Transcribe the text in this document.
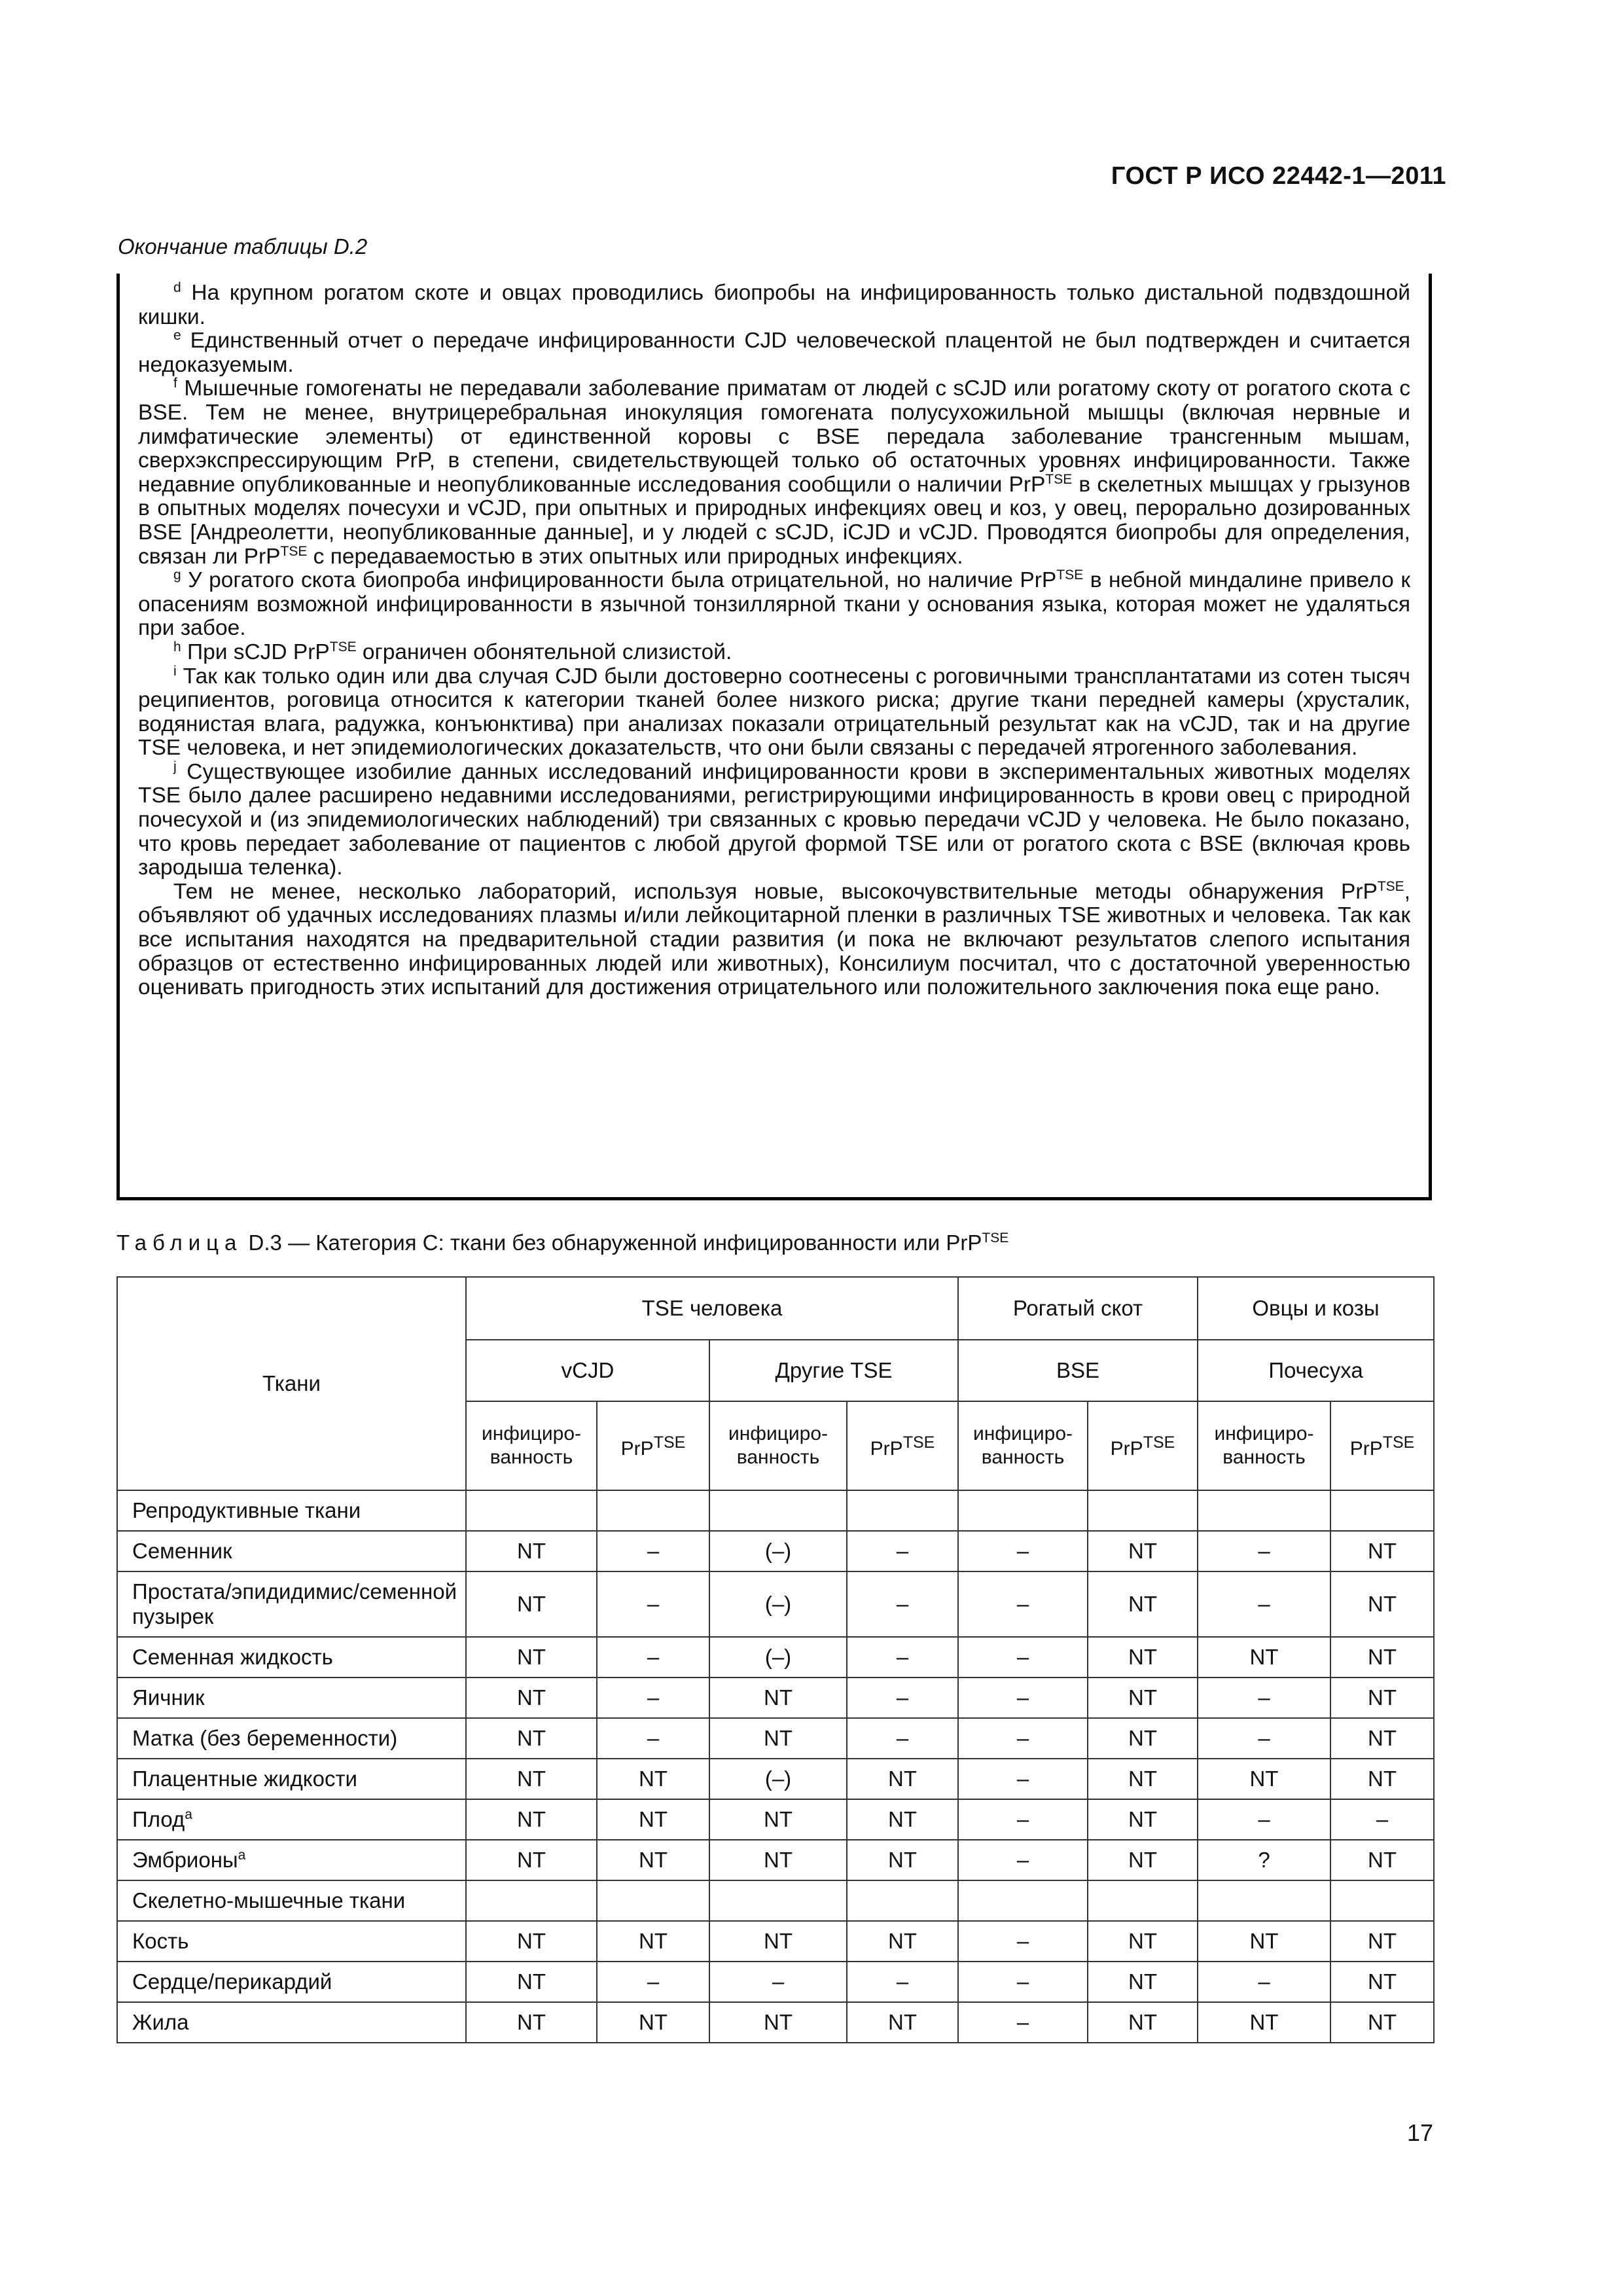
ГОСТ Р ИСО 22442-1—2011
Окончание таблицы D.2

$^d$ На крупном рогатом скоте и овцах проводились биопробы на инфицированность только дистальной подвздошной кишки.

$^e$ Единственный отчет о передаче инфицированности CJD человеческой плацентой не был подтвержден и считается недоказуемым.

$^f$ Мышечные гомогенаты не передавали заболевание приматам от людей с sCJD или рогатому скоту от рогатого скота с BSE. Тем не менее, внутрицеребральная инокуляция гомогената полусухожильной мышцы (включая нервные и лимфатические элементы) от единственной коровы с BSE передала заболевание трансгенным мышам, сверхэкспрессирующим PrP, в степени, свидетельствующей только об остаточных уровнях инфицированности. Также недавние опубликованные и неопубликованные исследования сообщили о наличии PrP$^{TSE}$ в скелетных мышцах у грызунов в опытных моделях почесухи и vCJD, при опытных и природных инфекциях овец и коз, у овец, перорально дозированных BSE [Андреолетти, неопубликованные данные], и у людей с sCJD, iCJD и vCJD. Проводятся биопробы для определения, связан ли PrP$^{TSE}$ с передаваемостью в этих опытных или природных инфекциях.

$^g$ У рогатого скота биопроба инфицированности была отрицательной, но наличие PrP$^{TSE}$ в небной миндалине привело к опасениям возможной инфицированности в язычной тонзиллярной ткани у основания языка, которая может не удаляться при забое.

$^h$ При sCJD PrP$^{TSE}$ ограничен обонятельной слизистой.

$^i$ Так как только один или два случая CJD были достоверно соотнесены с роговичными трансплантатами из сотен тысяч реципиентов, роговица относится к категории тканей более низкого риска; другие ткани передней камеры (хрусталик, водянистая влага, радужка, конъюнктива) при анализах показали отрицательный результат как на vCJD, так и на другие TSE человека, и нет эпидемиологических доказательств, что они были связаны с передачей ятрогенного заболевания.

$^j$ Существующее изобилие данных исследований инфицированности крови в экспериментальных животных моделях TSE было далее расширено недавними исследованиями, регистрирующими инфицированность в крови овец с природной почесухой и (из эпидемиологических наблюдений) три связанных с кровью передачи vCJD у человека. Не было показано, что кровь передает заболевание от пациентов с любой другой формой TSE или от рогатого скота с BSE (включая кровь зародыша теленка).

Тем не менее, несколько лабораторий, используя новые, высокочувствительные методы обнаружения PrP$^{TSE}$, объявляют об удачных исследованиях плазмы и/или лейкоцитарной пленки в различных TSE животных и человека. Так как все испытания находятся на предварительной стадии развития (и пока не включают результатов слепого испытания образцов от естественно инфицированных людей или животных), Консилиум посчитал, что с достаточной уверенностью оценивать пригодность этих испытаний для достижения отрицательного или положительного заключения пока еще рано.

Таблица D.3 — Категория С: ткани без обнаруженной инфицированности или PrP$^{TSE}$
Ткани	TSE человека				Рогатый скот		Овцы и козы	
	vCJD		Другие TSE		BSE		Почесуха	
	инфициро-ванность	PrP$^{TSE}$	инфициро-ванность	PrP$^{TSE}$	инфициро-ванность	PrP$^{TSE}$	инфициро-ванность	PrP$^{TSE}$
Репродуктивные ткани								
Семенник	NT	–	(–)	–	–	NT	–	NT
Простата/эпидидимис/семенной пузырек	NT	–	(–)	–	–	NT	–	NT
Семенная жидкость	NT	–	(–)	–	–	NT	NT	NT
Яичник	NT	–	NT	–	–	NT	–	NT
Матка (без беременности)	NT	–	NT	–	–	NT	–	NT
Плацентные жидкости	NT	NT	(–)	NT	–	NT	NT	NT
Плод$^a$	NT	NT	NT	NT	–	NT	–	–
Эмбрионы$^a$	NT	NT	NT	NT	–	NT	?	NT
Скелетно-мышечные ткани								
Кость	NT	NT	NT	NT	–	NT	NT	NT
Сердце/перикардий	NT	–	–	–	–	NT	–	NT
Жила	NT	NT	NT	NT	–	NT	NT	NT
17
